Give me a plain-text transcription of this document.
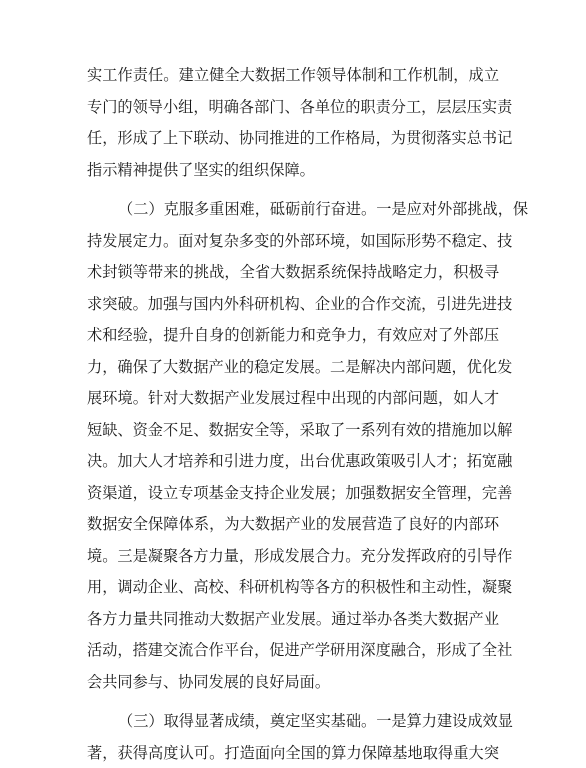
实工作责任。建立健全大数据工作领导体制和工作机制，成立
专门的领导小组，明确各部门、各单位的职责分工，层层压实责
任，形成了上下联动、协同推进的工作格局，为贯彻落实总书记
指示精神提供了坚实的组织保障。
（二）克服多重困难，砥砺前行奋进。一是应对外部挑战，保
持发展定力。面对复杂多变的外部环境，如国际形势不稳定、技
术封锁等带来的挑战，全省大数据系统保持战略定力，积极寻
求突破。加强与国内外科研机构、企业的合作交流，引进先进技
术和经验，提升自身的创新能力和竞争力，有效应对了外部压
力，确保了大数据产业的稳定发展。二是解决内部问题，优化发
展环境。针对大数据产业发展过程中出现的内部问题，如人才
短缺、资金不足、数据安全等，采取了一系列有效的措施加以解
决。加大人才培养和引进力度，出台优惠政策吸引人才；拓宽融
资渠道，设立专项基金支持企业发展；加强数据安全管理，完善
数据安全保障体系，为大数据产业的发展营造了良好的内部环
境。三是凝聚各方力量，形成发展合力。充分发挥政府的引导作
用，调动企业、高校、科研机构等各方的积极性和主动性，凝聚
各方力量共同推动大数据产业发展。通过举办各类大数据产业
活动，搭建交流合作平台，促进产学研用深度融合，形成了全社
会共同参与、协同发展的良好局面。
（三）取得显著成绩，奠定坚实基础。一是算力建设成效显
著，获得高度认可。打造面向全国的算力保障基地取得重大突
